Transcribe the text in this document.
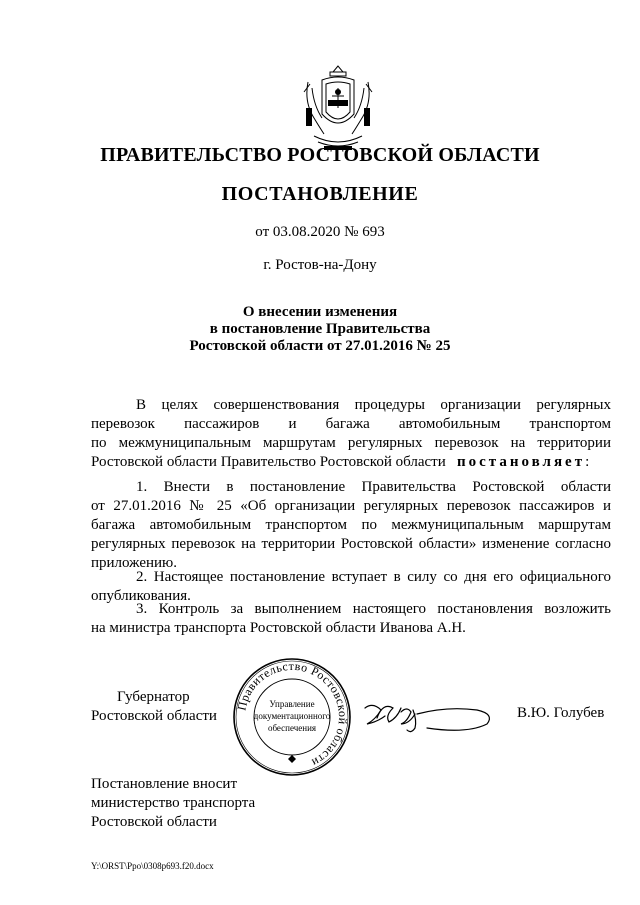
ПРАВИТЕЛЬСТВО РОСТОВСКОЙ ОБЛАСТИ
ПОСТАНОВЛЕНИЕ
от 03.08.2020 № 693
г. Ростов-на-Дону
О внесении изменения
в постановление Правительства
Ростовской области от 27.01.2016 № 25
В целях совершенствования процедуры организации регулярных
перевозок пассажиров и багажа автомобильным транспортом
по межмуниципальным маршрутам регулярных перевозок на территории
Ростовской области Правительство Ростовской области постановляет:
1. Внести в постановление Правительства Ростовской области
от 27.01.2016 № 25 «Об организации регулярных перевозок пассажиров и
багажа автомобильным транспортом по межмуниципальным маршрутам
регулярных перевозок на территории Ростовской области» изменение согласно
приложению.
2. Настоящее постановление вступает в силу со дня его официального
опубликования.
3. Контроль за выполнением настоящего постановления возложить
на министра транспорта Ростовской области Иванова А.Н.
Губернатор
Ростовской области
Правительство Ростовской области
Управление
документационного
обеспечения
В.Ю. Голубев
Постановление вносит
министерство транспорта
Ростовской области
Y:\ORST\Ppo\0308p693.f20.docx
